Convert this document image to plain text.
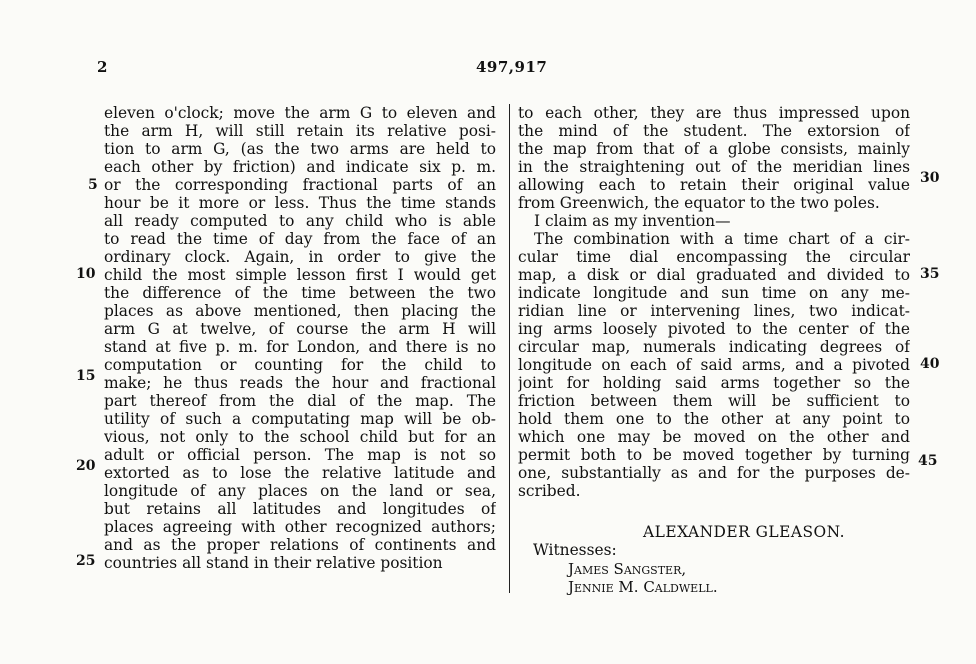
2	497,917
eleven o'clock; move the arm G to eleven and
the arm H, will still retain its relative posi-
tion to arm G, (as the two arms are held to
each other by friction) and indicate six p. m.
or the corresponding fractional parts of an
hour be it more or less. Thus the time stands
all ready computed to any child who is able
to read the time of day from the face of an
ordinary clock. Again, in order to give the
child the most simple lesson first I would get
the difference of the time between the two
places as above mentioned, then placing the
arm G at twelve, of course the arm H will
stand at five p. m. for London, and there is no
computation or counting for the child to
make; he thus reads the hour and fractional
part thereof from the dial of the map. The
utility of such a computating map will be ob-
vious, not only to the school child but for an
adult or official person. The map is not so
extorted as to lose the relative latitude and
longitude of any places on the land or sea,
but retains all latitudes and longitudes of
places agreeing with other recognized authors;
and as the proper relations of continents and
countries all stand in their relative position
to each other, they are thus impressed upon
the mind of the student. The extorsion of
the map from that of a globe consists, mainly
in the straightening out of the meridian lines
allowing each to retain their original value
from Greenwich, the equator to the two poles.
I claim as my invention—
The combination with a time chart of a cir-
cular time dial encompassing the circular
map, a disk or dial graduated and divided to
indicate longitude and sun time on any me-
ridian line or intervening lines, two indicat-
ing arms loosely pivoted to the center of the
circular map, numerals indicating degrees of
longitude on each of said arms, and a pivoted
joint for holding said arms together so the
friction between them will be sufficient to
hold them one to the other at any point to
which one may be moved on the other and
permit both to be moved together by turning
one, substantially as and for the purposes de-
scribed.
5
10
15
20
25
30
35
40
45
ALEXANDER GLEASON.
Witnesses:
James Sangster,
Jennie M. Caldwell.
